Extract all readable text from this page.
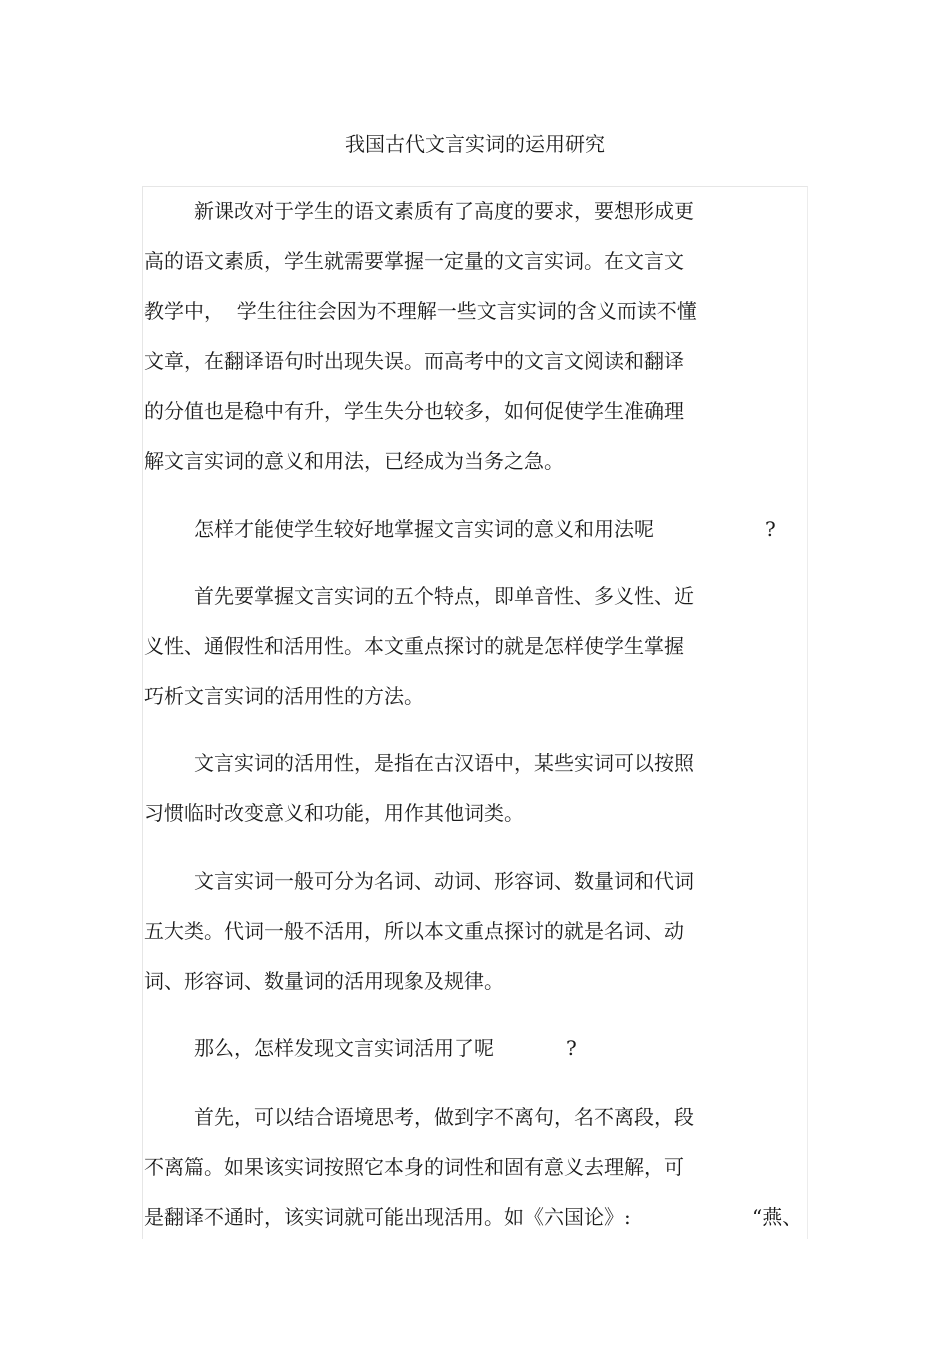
我国古代文言实词的运用研究
新课改对于学生的语文素质有了高度的要求，要想形成更
高的语文素质，学生就需要掌握一定量的文言实词。在文言文
教学中，  学生往往会因为不理解一些文言实词的含义而读不懂
文章，在翻译语句时出现失误。而高考中的文言文阅读和翻译
的分值也是稳中有升，学生失分也较多，如何促使学生准确理
解文言实词的意义和用法，已经成为当务之急。
怎样才能使学生较好地掌握文言实词的意义和用法呢	?
首先要掌握文言实词的五个特点，即单音性、多义性、近
义性、通假性和活用性。本文重点探讨的就是怎样使学生掌握
巧析文言实词的活用性的方法。
文言实词的活用性，是指在古汉语中，某些实词可以按照
习惯临时改变意义和功能，用作其他词类。
文言实词一般可分为名词、动词、形容词、数量词和代词
五大类。代词一般不活用，所以本文重点探讨的就是名词、动
词、形容词、数量词的活用现象及规律。
那么，怎样发现文言实词活用了呢	?
首先，可以结合语境思考，做到字不离句，名不离段，段
不离篇。如果该实词按照它本身的词性和固有意义去理解，可
是翻译不通时，该实词就可能出现活用。如《六国论》:	“燕、
